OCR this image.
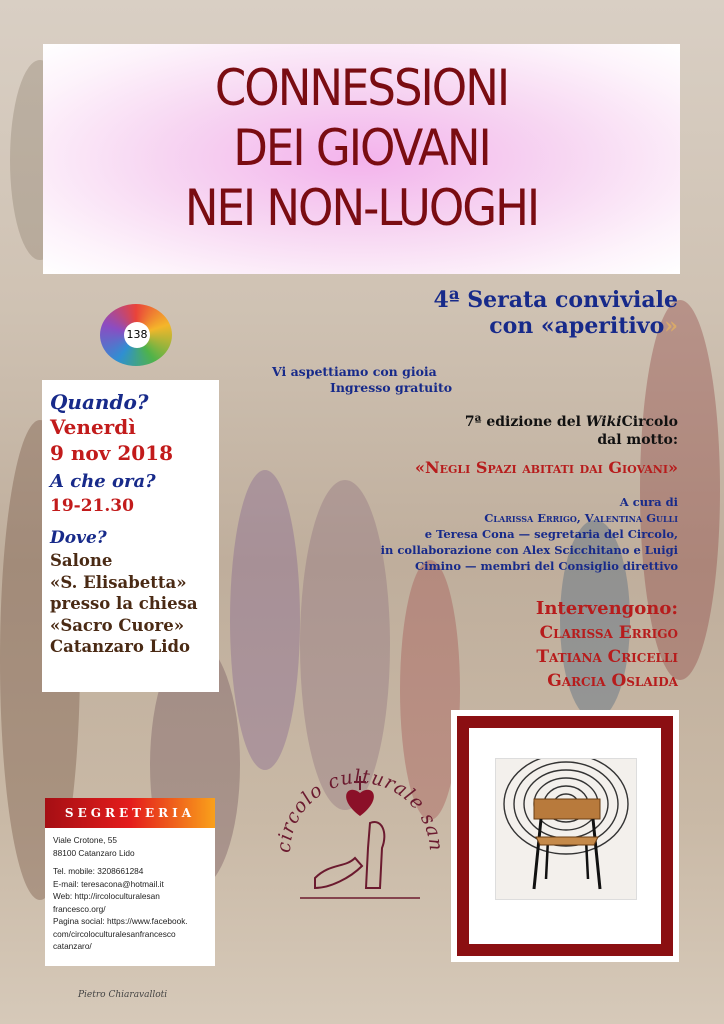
CONNESSIONI
DEI GIOVANI
NEI NON-LUOGHI
138
4ª Serata conviviale
con «aperitivo»
Vi aspettiamo con gioia
Ingresso gratuito
Quando?
Venerdì
9 nov 2018
A che ora?
19-21.30
Dove?
Salone
«S. Elisabetta»
presso la chiesa
«Sacro Cuore»
Catanzaro Lido
7ª edizione del WikiCircolo
dal motto:
«Negli Spazi abitati dai Giovani»
A cura di
Clarissa Errigo, Valentina Gulli
e Teresa Cona — segretaria del Circolo,
in collaborazione con Alex Scicchitano e Luigi
Cimino — membri del Consiglio direttivo
Intervengono:
Clarissa Errigo
Tatiana Cricelli
Garcia Oslaida
circolo culturale san
SEGRETERIA
Viale Crotone, 55
88100 Catanzaro Lido
Tel. mobile: 3208661284
E-mail: teresacona@hotmail.it
Web: http://ircoloculturalesan
francesco.org/
Pagina social: https://www.facebook.
com/circoloculturalesanfrancesco
catanzaro/
Pietro Chiaravalloti
